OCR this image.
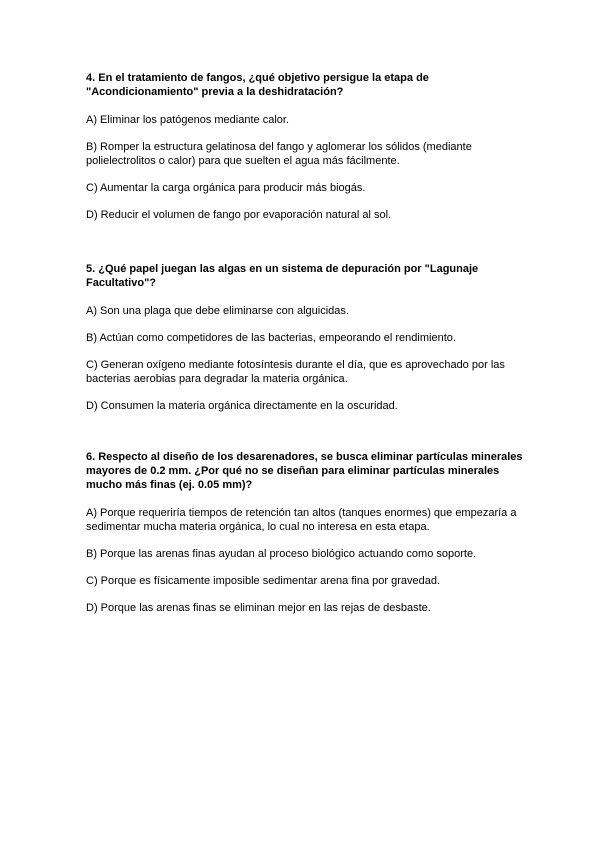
4. En el tratamiento de fangos, ¿qué objetivo persigue la etapa de "Acondicionamiento" previa a la deshidratación?

A) Eliminar los patógenos mediante calor.

B) Romper la estructura gelatinosa del fango y aglomerar los sólidos (mediante polielectrolitos o calor) para que suelten el agua más fácilmente.

C) Aumentar la carga orgánica para producir más biogás.

D) Reducir el volumen de fango por evaporación natural al sol.

5. ¿Qué papel juegan las algas en un sistema de depuración por "Lagunaje Facultativo"?

A) Son una plaga que debe eliminarse con alguicidas.

B) Actúan como competidores de las bacterias, empeorando el rendimiento.

C) Generan oxígeno mediante fotosíntesis durante el día, que es aprovechado por las bacterias aerobias para degradar la materia orgánica.

D) Consumen la materia orgánica directamente en la oscuridad.

6. Respecto al diseño de los desarenadores, se busca eliminar partículas minerales mayores de 0.2 mm. ¿Por qué no se diseñan para eliminar partículas minerales mucho más finas (ej. 0.05 mm)?

A) Porque requeriría tiempos de retención tan altos (tanques enormes) que empezaría a sedimentar mucha materia orgánica, lo cual no interesa en esta etapa.

B) Porque las arenas finas ayudan al proceso biológico actuando como soporte.

C) Porque es físicamente imposible sedimentar arena fina por gravedad.

D) Porque las arenas finas se eliminan mejor en las rejas de desbaste.
